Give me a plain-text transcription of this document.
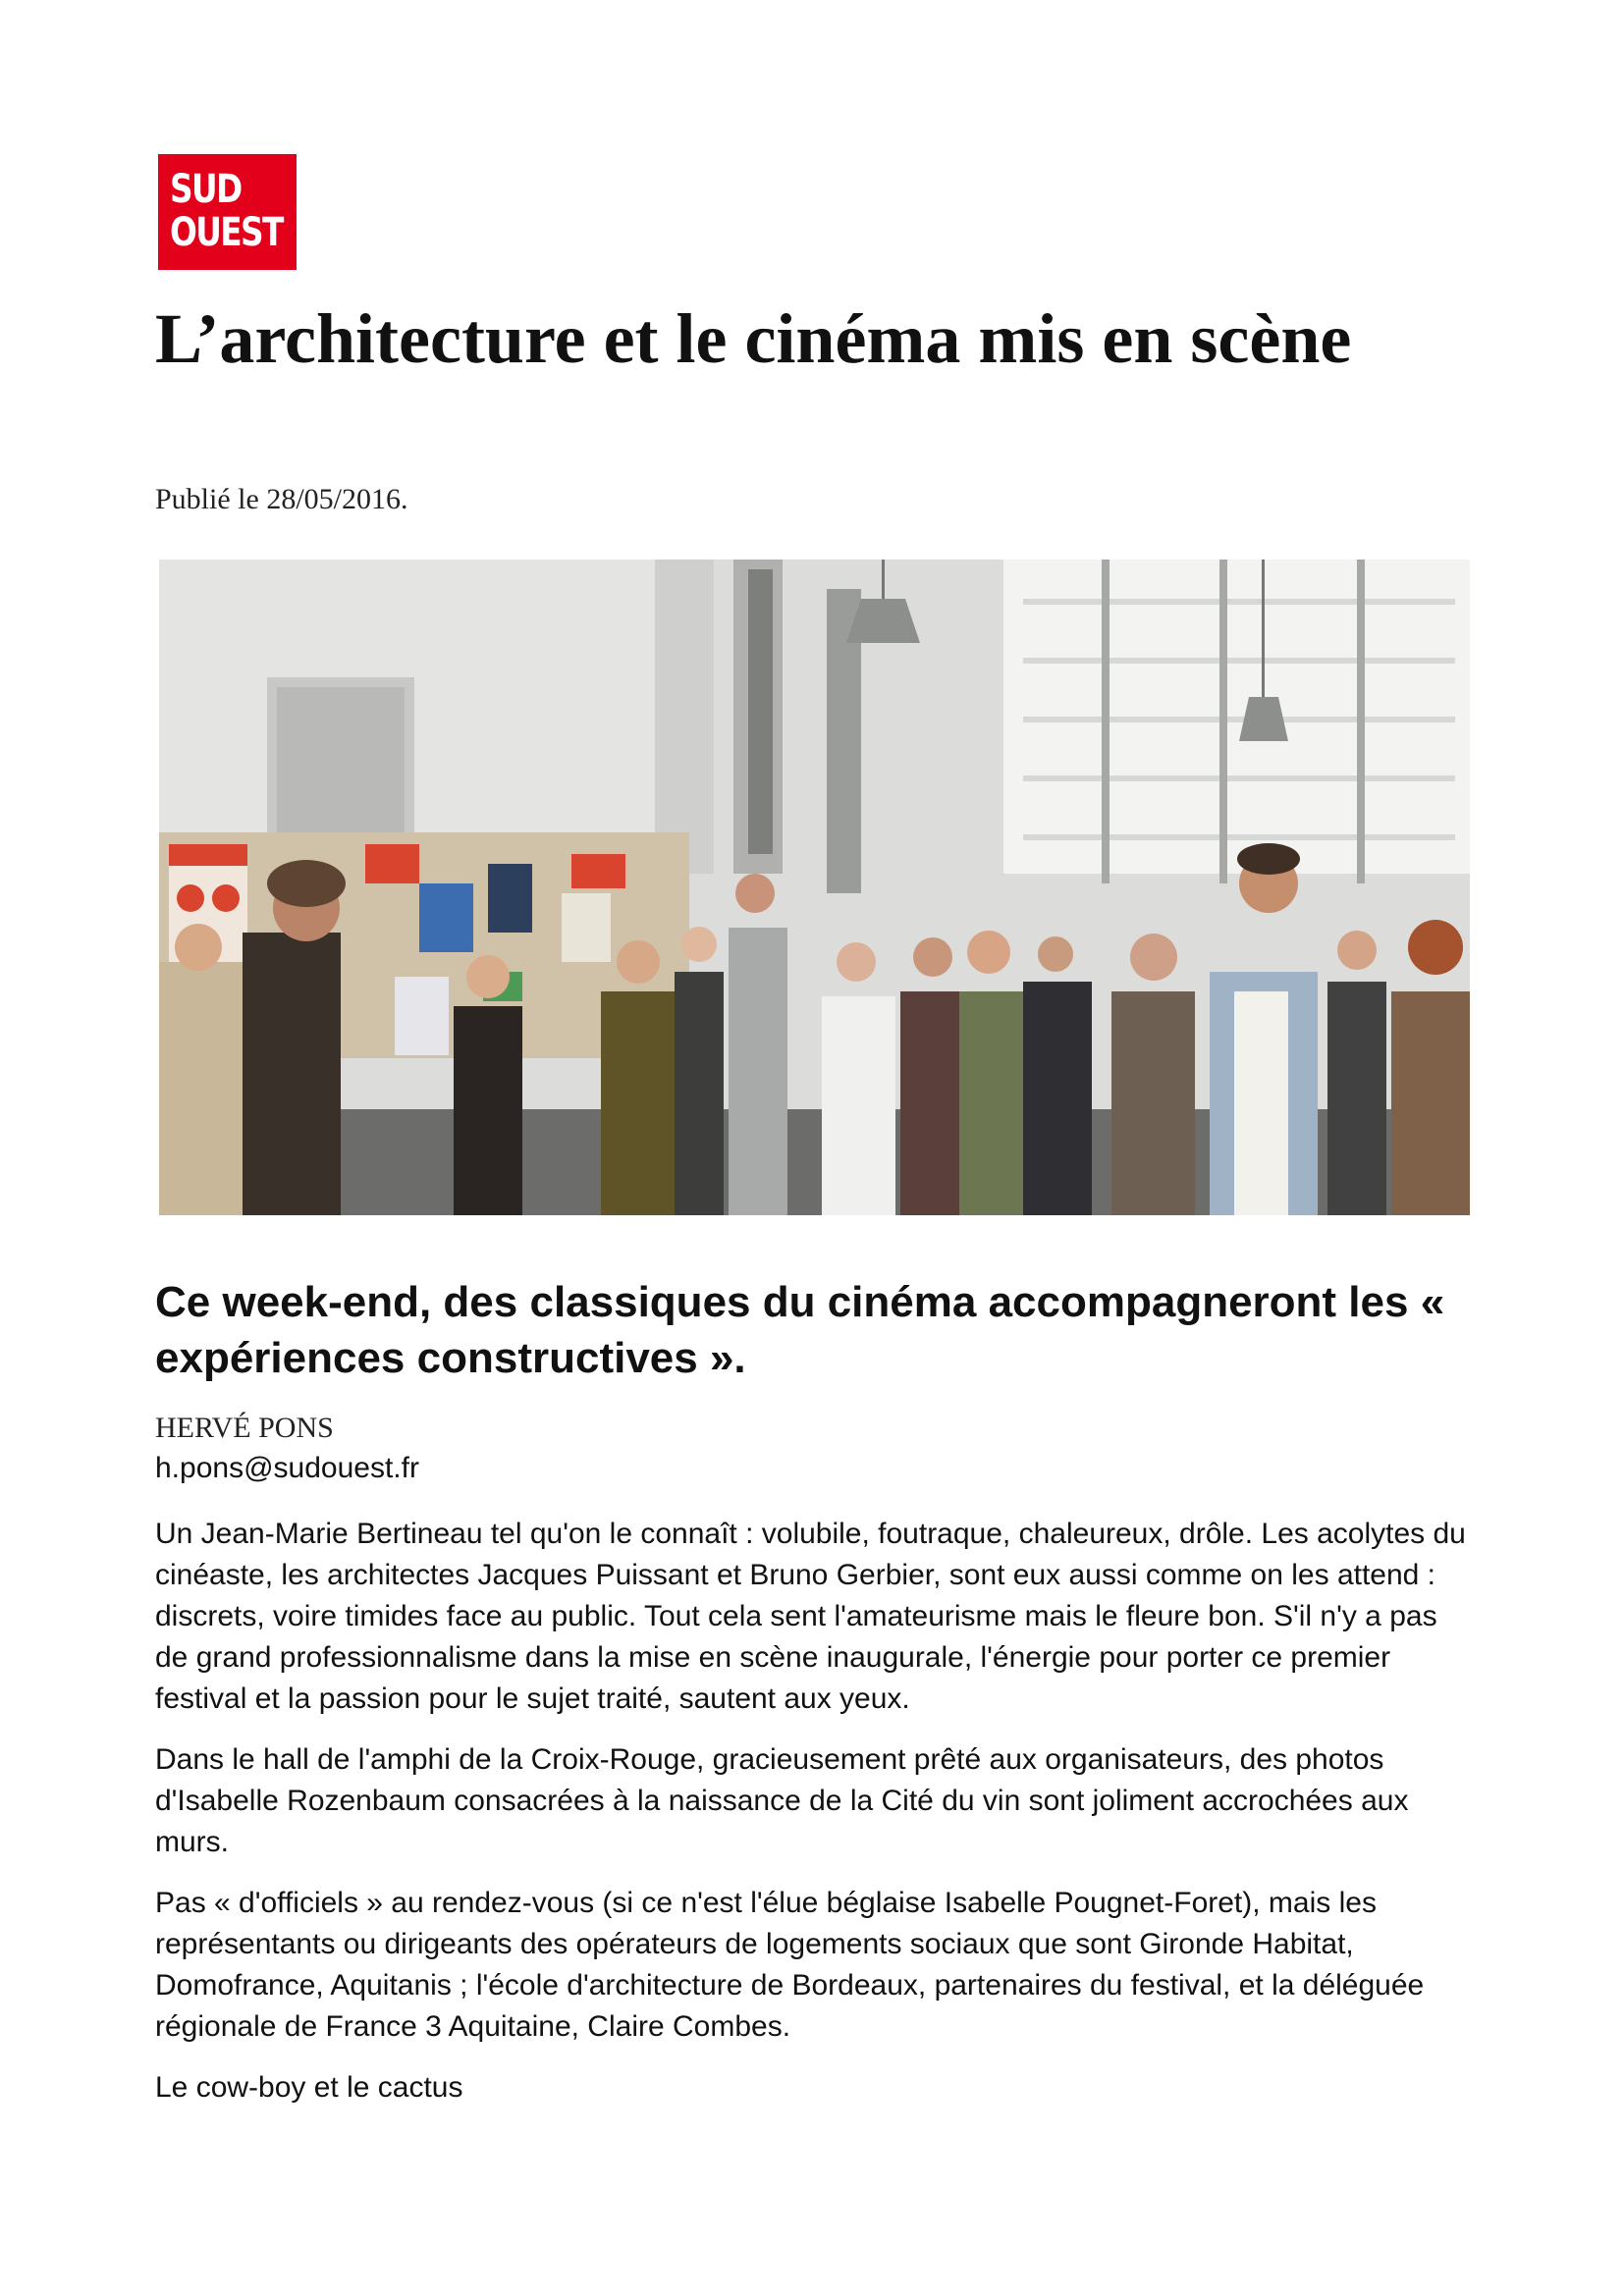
SUD
OUEST
L’architecture et le cinéma mis en scène

Publié le 28/05/2016.

Ce week-end, des classiques du cinéma accompagneront les « expériences constructives ».

HERVÉ PONS

h.pons@sudouest.fr

Un Jean-Marie Bertineau tel qu'on le connaît : volubile, foutraque, chaleureux, drôle. Les acolytes du cinéaste, les architectes Jacques Puissant et Bruno Gerbier, sont eux aussi comme on les attend : discrets, voire timides face au public. Tout cela sent l'amateurisme mais le fleure bon. S'il n'y a pas de grand professionnalisme dans la mise en scène inaugurale, l'énergie pour porter ce premier festival et la passion pour le sujet traité, sautent aux yeux.

Dans le hall de l'amphi de la Croix-Rouge, gracieusement prêté aux organisateurs, des photos d'Isabelle Rozenbaum consacrées à la naissance de la Cité du vin sont joliment accrochées aux murs.

Pas « d'officiels » au rendez-vous (si ce n'est l'élue béglaise Isabelle Pougnet-Foret), mais les représentants ou dirigeants des opérateurs de logements sociaux que sont Gironde Habitat, Domofrance, Aquitanis ; l'école d'architecture de Bordeaux, partenaires du festival, et la déléguée régionale de France 3 Aquitaine, Claire Combes.

Le cow-boy et le cactus
